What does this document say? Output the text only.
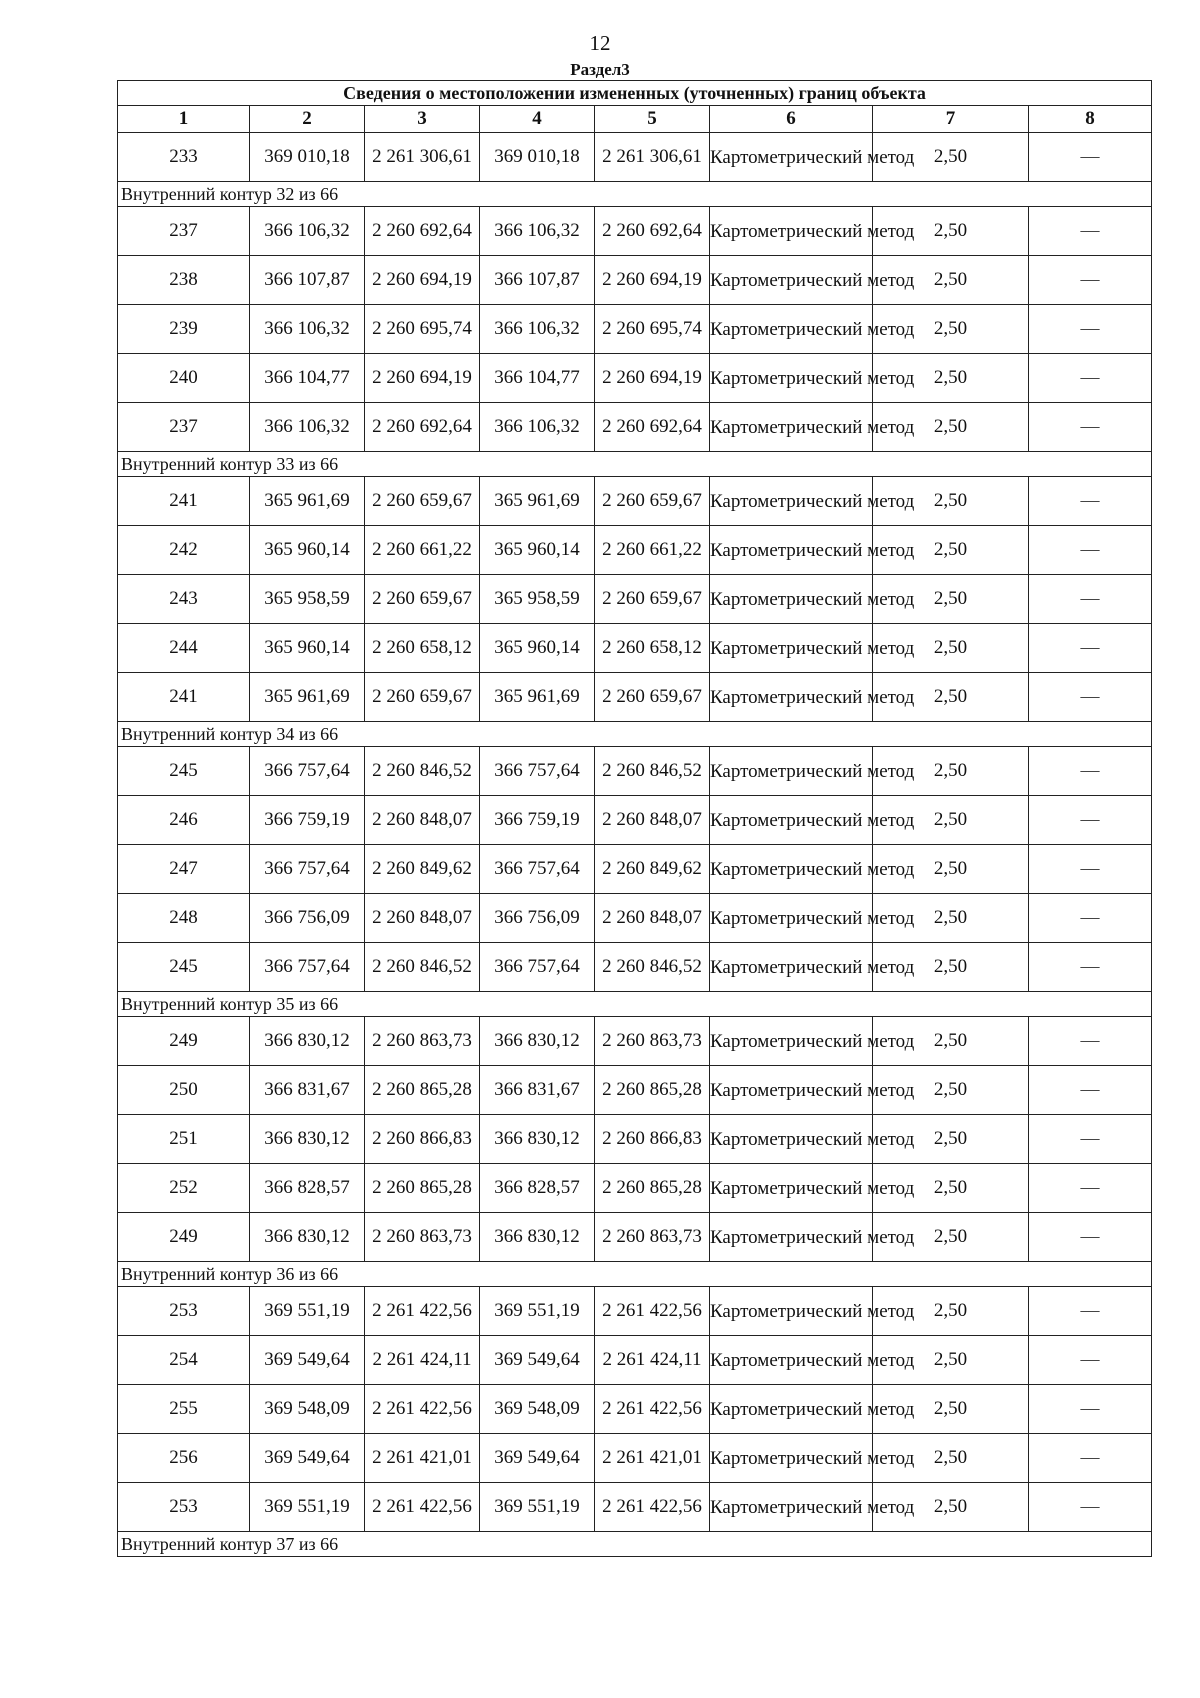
12
Раздел3
Сведения о местоположении измененных (уточненных) границ объекта							
1	2	3	4	5	6	7	8
233	369 010,18	2 261 306,61	369 010,18	2 261 306,61	Картометрический метод	2,50	—
Внутренний контур 32 из 66							
237	366 106,32	2 260 692,64	366 106,32	2 260 692,64	Картометрический метод	2,50	—
238	366 107,87	2 260 694,19	366 107,87	2 260 694,19	Картометрический метод	2,50	—
239	366 106,32	2 260 695,74	366 106,32	2 260 695,74	Картометрический метод	2,50	—
240	366 104,77	2 260 694,19	366 104,77	2 260 694,19	Картометрический метод	2,50	—
237	366 106,32	2 260 692,64	366 106,32	2 260 692,64	Картометрический метод	2,50	—
Внутренний контур 33 из 66							
241	365 961,69	2 260 659,67	365 961,69	2 260 659,67	Картометрический метод	2,50	—
242	365 960,14	2 260 661,22	365 960,14	2 260 661,22	Картометрический метод	2,50	—
243	365 958,59	2 260 659,67	365 958,59	2 260 659,67	Картометрический метод	2,50	—
244	365 960,14	2 260 658,12	365 960,14	2 260 658,12	Картометрический метод	2,50	—
241	365 961,69	2 260 659,67	365 961,69	2 260 659,67	Картометрический метод	2,50	—
Внутренний контур 34 из 66							
245	366 757,64	2 260 846,52	366 757,64	2 260 846,52	Картометрический метод	2,50	—
246	366 759,19	2 260 848,07	366 759,19	2 260 848,07	Картометрический метод	2,50	—
247	366 757,64	2 260 849,62	366 757,64	2 260 849,62	Картометрический метод	2,50	—
248	366 756,09	2 260 848,07	366 756,09	2 260 848,07	Картометрический метод	2,50	—
245	366 757,64	2 260 846,52	366 757,64	2 260 846,52	Картометрический метод	2,50	—
Внутренний контур 35 из 66							
249	366 830,12	2 260 863,73	366 830,12	2 260 863,73	Картометрический метод	2,50	—
250	366 831,67	2 260 865,28	366 831,67	2 260 865,28	Картометрический метод	2,50	—
251	366 830,12	2 260 866,83	366 830,12	2 260 866,83	Картометрический метод	2,50	—
252	366 828,57	2 260 865,28	366 828,57	2 260 865,28	Картометрический метод	2,50	—
249	366 830,12	2 260 863,73	366 830,12	2 260 863,73	Картометрический метод	2,50	—
Внутренний контур 36 из 66							
253	369 551,19	2 261 422,56	369 551,19	2 261 422,56	Картометрический метод	2,50	—
254	369 549,64	2 261 424,11	369 549,64	2 261 424,11	Картометрический метод	2,50	—
255	369 548,09	2 261 422,56	369 548,09	2 261 422,56	Картометрический метод	2,50	—
256	369 549,64	2 261 421,01	369 549,64	2 261 421,01	Картометрический метод	2,50	—
253	369 551,19	2 261 422,56	369 551,19	2 261 422,56	Картометрический метод	2,50	—
Внутренний контур 37 из 66							
